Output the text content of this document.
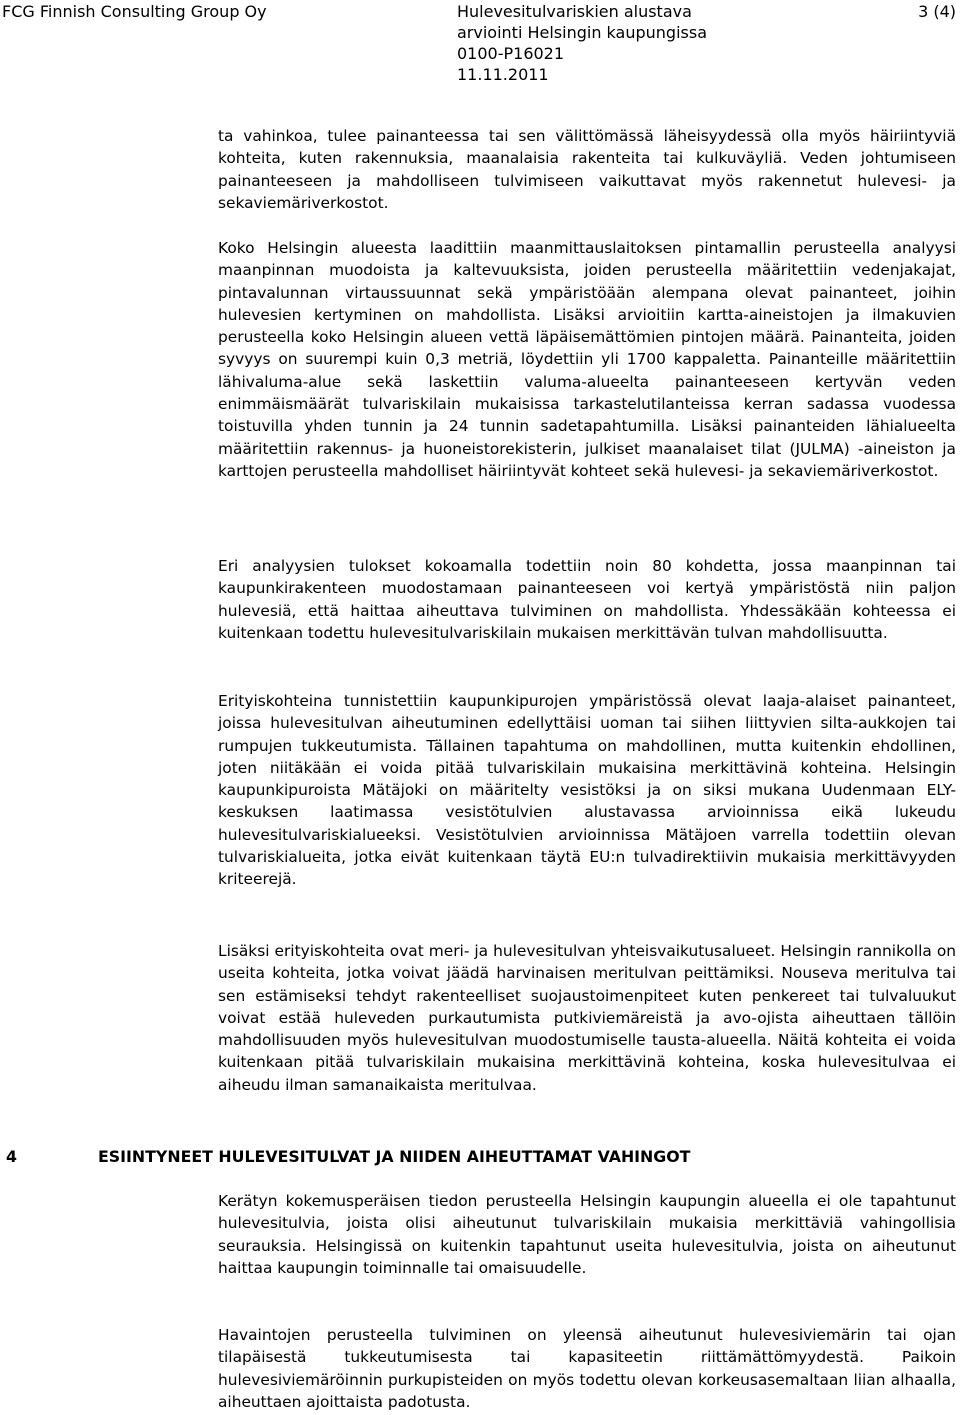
FCG Finnish Consulting Group Oy	Hulevesitulvariskien alustava
arviointi Helsingin kaupungissa
0100-P16021
11.11.2011
3 (4)

ta vahinkoa, tulee painanteessa tai sen välittömässä läheisyydessä olla myös häiriintyviä kohteita, kuten rakennuksia, maanalaisia rakenteita tai kulkuväyliä. Veden johtumiseen painanteeseen ja mahdolliseen tulvimiseen vaikuttavat myös rakennetut hulevesi- ja sekaviemäriverkostot.

Koko Helsingin alueesta laadittiin maanmittauslaitoksen pintamallin perusteella analyysi maanpinnan muodoista ja kaltevuuksista, joiden perusteella määritettiin vedenjakajat, pintavalunnan virtaussuunnat sekä ympäristöään alempana olevat painanteet, joihin hulevesien kertyminen on mahdollista. Lisäksi arvioitiin kartta-aineistojen ja ilmakuvien perusteella koko Helsingin alueen vettä läpäisemättömien pintojen määrä. Painanteita, joiden syvyys on suurempi kuin 0,3 metriä, löydettiin yli 1700 kappaletta. Painanteille määritettiin lähivaluma-alue sekä laskettiin valuma-alueelta painanteeseen kertyvän veden enimmäismäärät tulvariskilain mukaisissa tarkastelutilanteissa kerran sadassa vuodessa toistuvilla yhden tunnin ja 24 tunnin sadetapahtumilla. Lisäksi painanteiden lähialueelta määritettiin rakennus- ja huoneistorekisterin, julkiset maanalaiset tilat (JULMA) -aineiston ja karttojen perusteella mahdolliset häiriintyvät kohteet sekä hulevesi- ja sekaviemäriverkostot.

Eri analyysien tulokset kokoamalla todettiin noin 80 kohdetta, jossa maanpinnan tai kaupunkirakenteen muodostamaan painanteeseen voi kertyä ympäristöstä niin paljon hulevesiä, että haittaa aiheuttava tulviminen on mahdollista. Yhdessäkään kohteessa ei kuitenkaan todettu hulevesitulvariskilain mukaisen merkittävän tulvan mahdollisuutta.

Erityiskohteina tunnistettiin kaupunkipurojen ympäristössä olevat laaja-alaiset painanteet, joissa hulevesitulvan aiheutuminen edellyttäisi uoman tai siihen liittyvien silta-aukkojen tai rumpujen tukkeutumista. Tällainen tapahtuma on mahdollinen, mutta kuitenkin ehdollinen, joten niitäkään ei voida pitää tulvariskilain mukaisina merkittävinä kohteina. Helsingin kaupunkipuroista Mätäjoki on määritelty vesistöksi ja on siksi mukana Uudenmaan ELY-keskuksen laatimassa vesistötulvien alustavassa arvioinnissa eikä lukeudu hulevesitulvariskialueeksi. Vesistötulvien arvioinnissa Mätäjoen varrella todettiin olevan tulvariskialueita, jotka eivät kuitenkaan täytä EU:n tulvadirektiivin mukaisia merkittävyyden kriteerejä.

Lisäksi erityiskohteita ovat meri- ja hulevesitulvan yhteisvaikutusalueet. Helsingin rannikolla on useita kohteita, jotka voivat jäädä harvinaisen meritulvan peittämiksi. Nouseva meritulva tai sen estämiseksi tehdyt rakenteelliset suojaustoimenpiteet kuten penkereet tai tulvaluukut voivat estää huleveden purkautumista putkiviemäreistä ja avo-ojista aiheuttaen tällöin mahdollisuuden myös hulevesitulvan muodostumiselle tausta-alueella. Näitä kohteita ei voida kuitenkaan pitää tulvariskilain mukaisina merkittävinä kohteina, koska hulevesitulvaa ei aiheudu ilman samanaikaista meritulvaa.

4	ESIINTYNEET HULEVESITULVAT JA NIIDEN AIHEUTTAMAT VAHINGOT

Kerätyn kokemusperäisen tiedon perusteella Helsingin kaupungin alueella ei ole tapahtunut hulevesitulvia, joista olisi aiheutunut tulvariskilain mukaisia merkittäviä vahingollisia seurauksia. Helsingissä on kuitenkin tapahtunut useita hulevesitulvia, joista on aiheutunut haittaa kaupungin toiminnalle tai omaisuudelle.

Havaintojen perusteella tulviminen on yleensä aiheutunut hulevesiviemärin tai ojan tilapäisestä tukkeutumisesta tai kapasiteetin riittämättömyydestä. Paikoin hulevesiviemäröinnin purkupisteiden on myös todettu olevan korkeusasemaltaan liian alhaalla, aiheuttaen ajoittaista padotusta.
